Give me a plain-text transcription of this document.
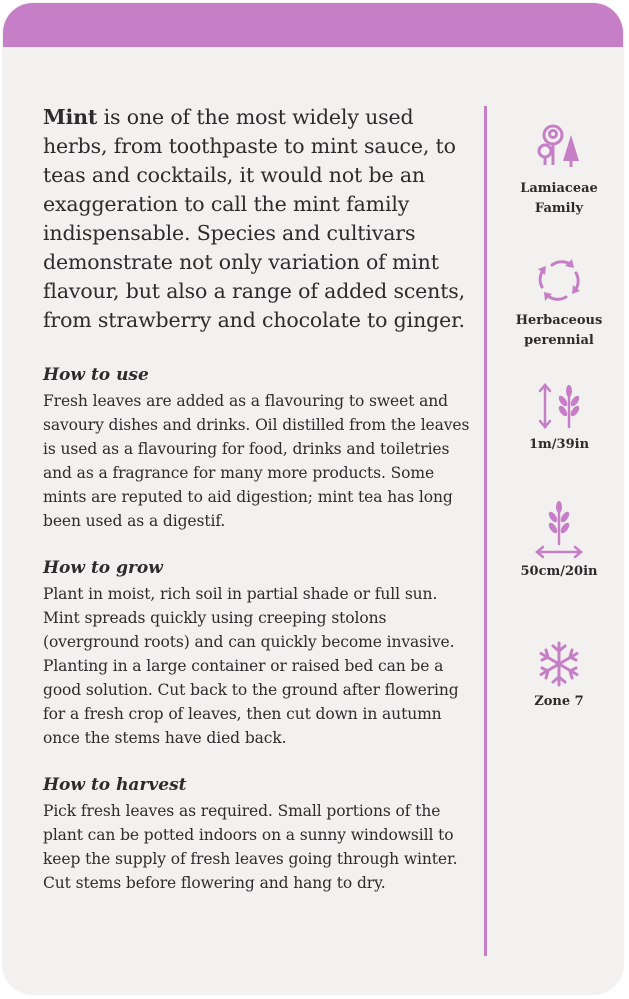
Mint is one of the most widely used herbs, from toothpaste to mint sauce, to teas and cocktails, it would not be an exaggeration to call the mint family indispensable. Species and cultivars demonstrate not only variation of mint flavour, but also a range of added scents, from strawberry and chocolate to ginger.

How to use

Fresh leaves are added as a flavouring to sweet and savoury dishes and drinks. Oil distilled from the leaves is used as a flavouring for food, drinks and toiletries and as a fragrance for many more products. Some mints are reputed to aid digestion; mint tea has long been used as a digestif.

How to grow

Plant in moist, rich soil in partial shade or full sun. Mint spreads quickly using creeping stolons (overground roots) and can quickly become invasive. Planting in a large container or raised bed can be a good solution. Cut back to the ground after flowering for a fresh crop of leaves, then cut down in autumn once the stems have died back.

How to harvest

Pick fresh leaves as required. Small portions of the plant can be potted indoors on a sunny windowsill to keep the supply of fresh leaves going through winter. Cut stems before flowering and hang to dry.

Lamiaceae
Family
Herbaceous
perennial
1m/39in
50cm/20in
Zone 7
